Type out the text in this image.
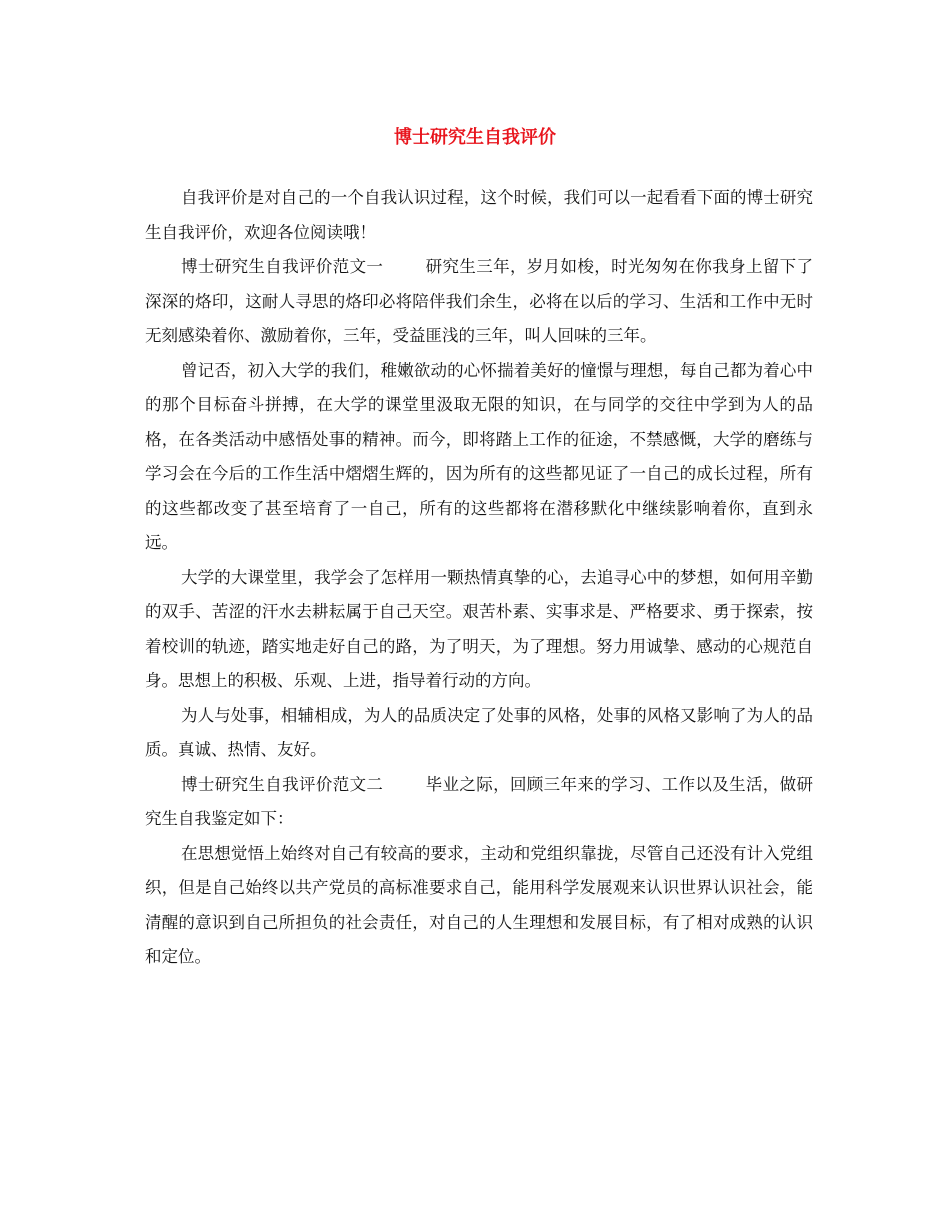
博士研究生自我评价

自我评价是对自己的一个自我认识过程，这个时候，我们可以一起看看下面的博士研究生自我评价，欢迎各位阅读哦！

博士研究生自我评价范文一	研究生三年，岁月如梭，时光匆匆在你我身上留下了深深的烙印，这耐人寻思的烙印必将陪伴我们余生，必将在以后的学习、生活和工作中无时无刻感染着你、激励着你，三年，受益匪浅的三年，叫人回味的三年。

曾记否，初入大学的我们，稚嫩欲动的心怀揣着美好的憧憬与理想，每自己都为着心中的那个目标奋斗拼搏，在大学的课堂里汲取无限的知识，在与同学的交往中学到为人的品格，在各类活动中感悟处事的精神。而今，即将踏上工作的征途，不禁感慨，大学的磨练与学习会在今后的工作生活中熠熠生辉的，因为所有的这些都见证了一自己的成长过程，所有的这些都改变了甚至培育了一自己，所有的这些都将在潜移默化中继续影响着你，直到永远。

大学的大课堂里，我学会了怎样用一颗热情真挚的心，去追寻心中的梦想，如何用辛勤的双手、苦涩的汗水去耕耘属于自己天空。艰苦朴素、实事求是、严格要求、勇于探索，按着校训的轨迹，踏实地走好自己的路，为了明天，为了理想。努力用诚挚、感动的心规范自身。思想上的积极、乐观、上进，指导着行动的方向。

为人与处事，相辅相成，为人的品质决定了处事的风格，处事的风格又影响了为人的品质。真诚、热情、友好。

博士研究生自我评价范文二	毕业之际，回顾三年来的学习、工作以及生活，做研究生自我鉴定如下：

在思想觉悟上始终对自己有较高的要求，主动和党组织靠拢，尽管自己还没有计入党组织，但是自己始终以共产党员的高标准要求自己，能用科学发展观来认识世界认识社会，能清醒的意识到自己所担负的社会责任，对自己的人生理想和发展目标，有了相对成熟的认识和定位。
